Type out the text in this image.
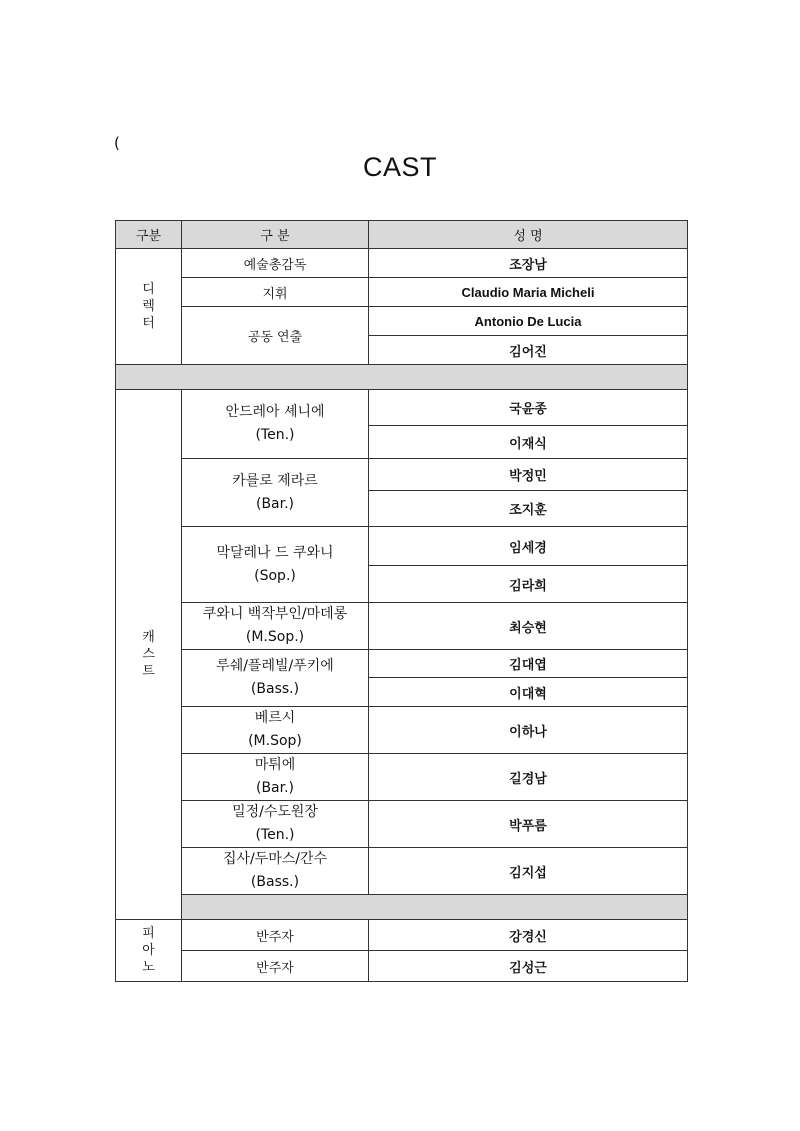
(
CAST
구분	구 분	성 명

디
렉
터	예술총감독	조장남
	지휘	Claudio Maria Micheli
	공동 연출	Antonio De Lucia
		김어진

캐
스
트	안드레아 셰니에
(Ten.)	국윤종
		이재식

	카를로 제라르
(Bar.)	박정민
		조지훈

	막달레나 드 쿠와니
(Sop.)	임세경
		김라희

	쿠와니 백작부인/마데롱
(M.Sop.)	최승현

	루쉐/플레빌/푸키에
(Bass.)	김대엽
		이대혁

	베르시
(M.Sop)	이하나

	마튀에
(Bar.)	길경남

	밀정/수도원장
(Ten.)	박푸름

	집사/두마스/간수
(Bass.)	김지섭

피
아
노	반주자	강경신
	반주자	김성근
